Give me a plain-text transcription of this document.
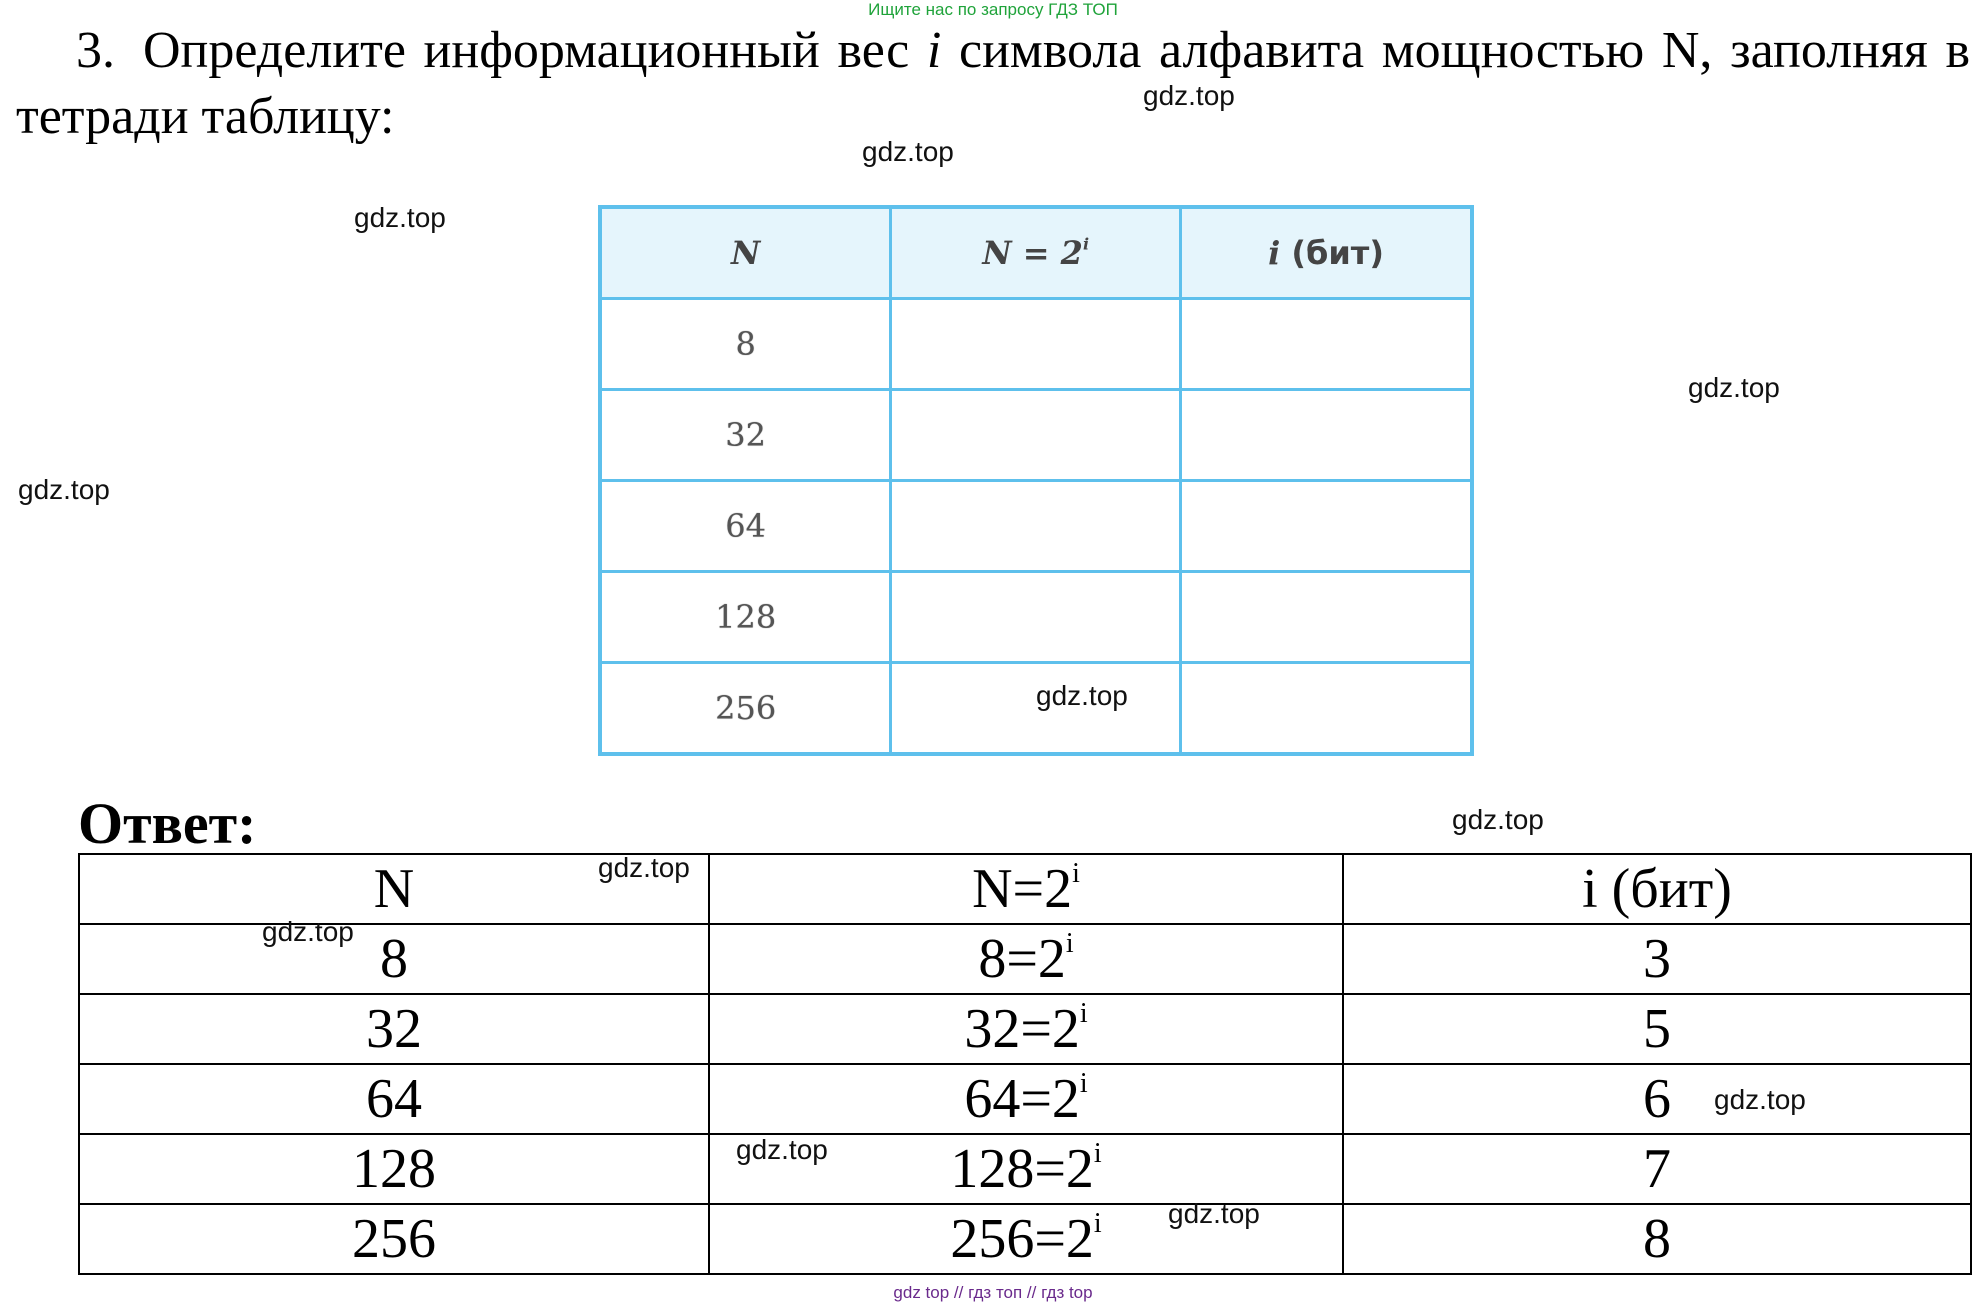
Ищите нас по запросу ГДЗ ТОП
3. Определите информационный вес i символа алфавита мощностью N, заполняя в тетради таблицу:	gdz.top
gdz.top
gdz.top
gdz.top
gdz.top
gdz.top
N	$N = 2^i$	i (бит)
8		
32		
64		
128		
256			gdz.top
Ответ:
N	$N=2^i$	i (бит)
8	$8=2^i$	3
32	$32=2^i$	5
64	$64=2^i$	6
128	$128=2^i$	7
256	$256=2^i$	8
gdz.top
gdz.top
gdz.top
gdz.top
gdz.top
gdz top // гдз топ // гдз top
